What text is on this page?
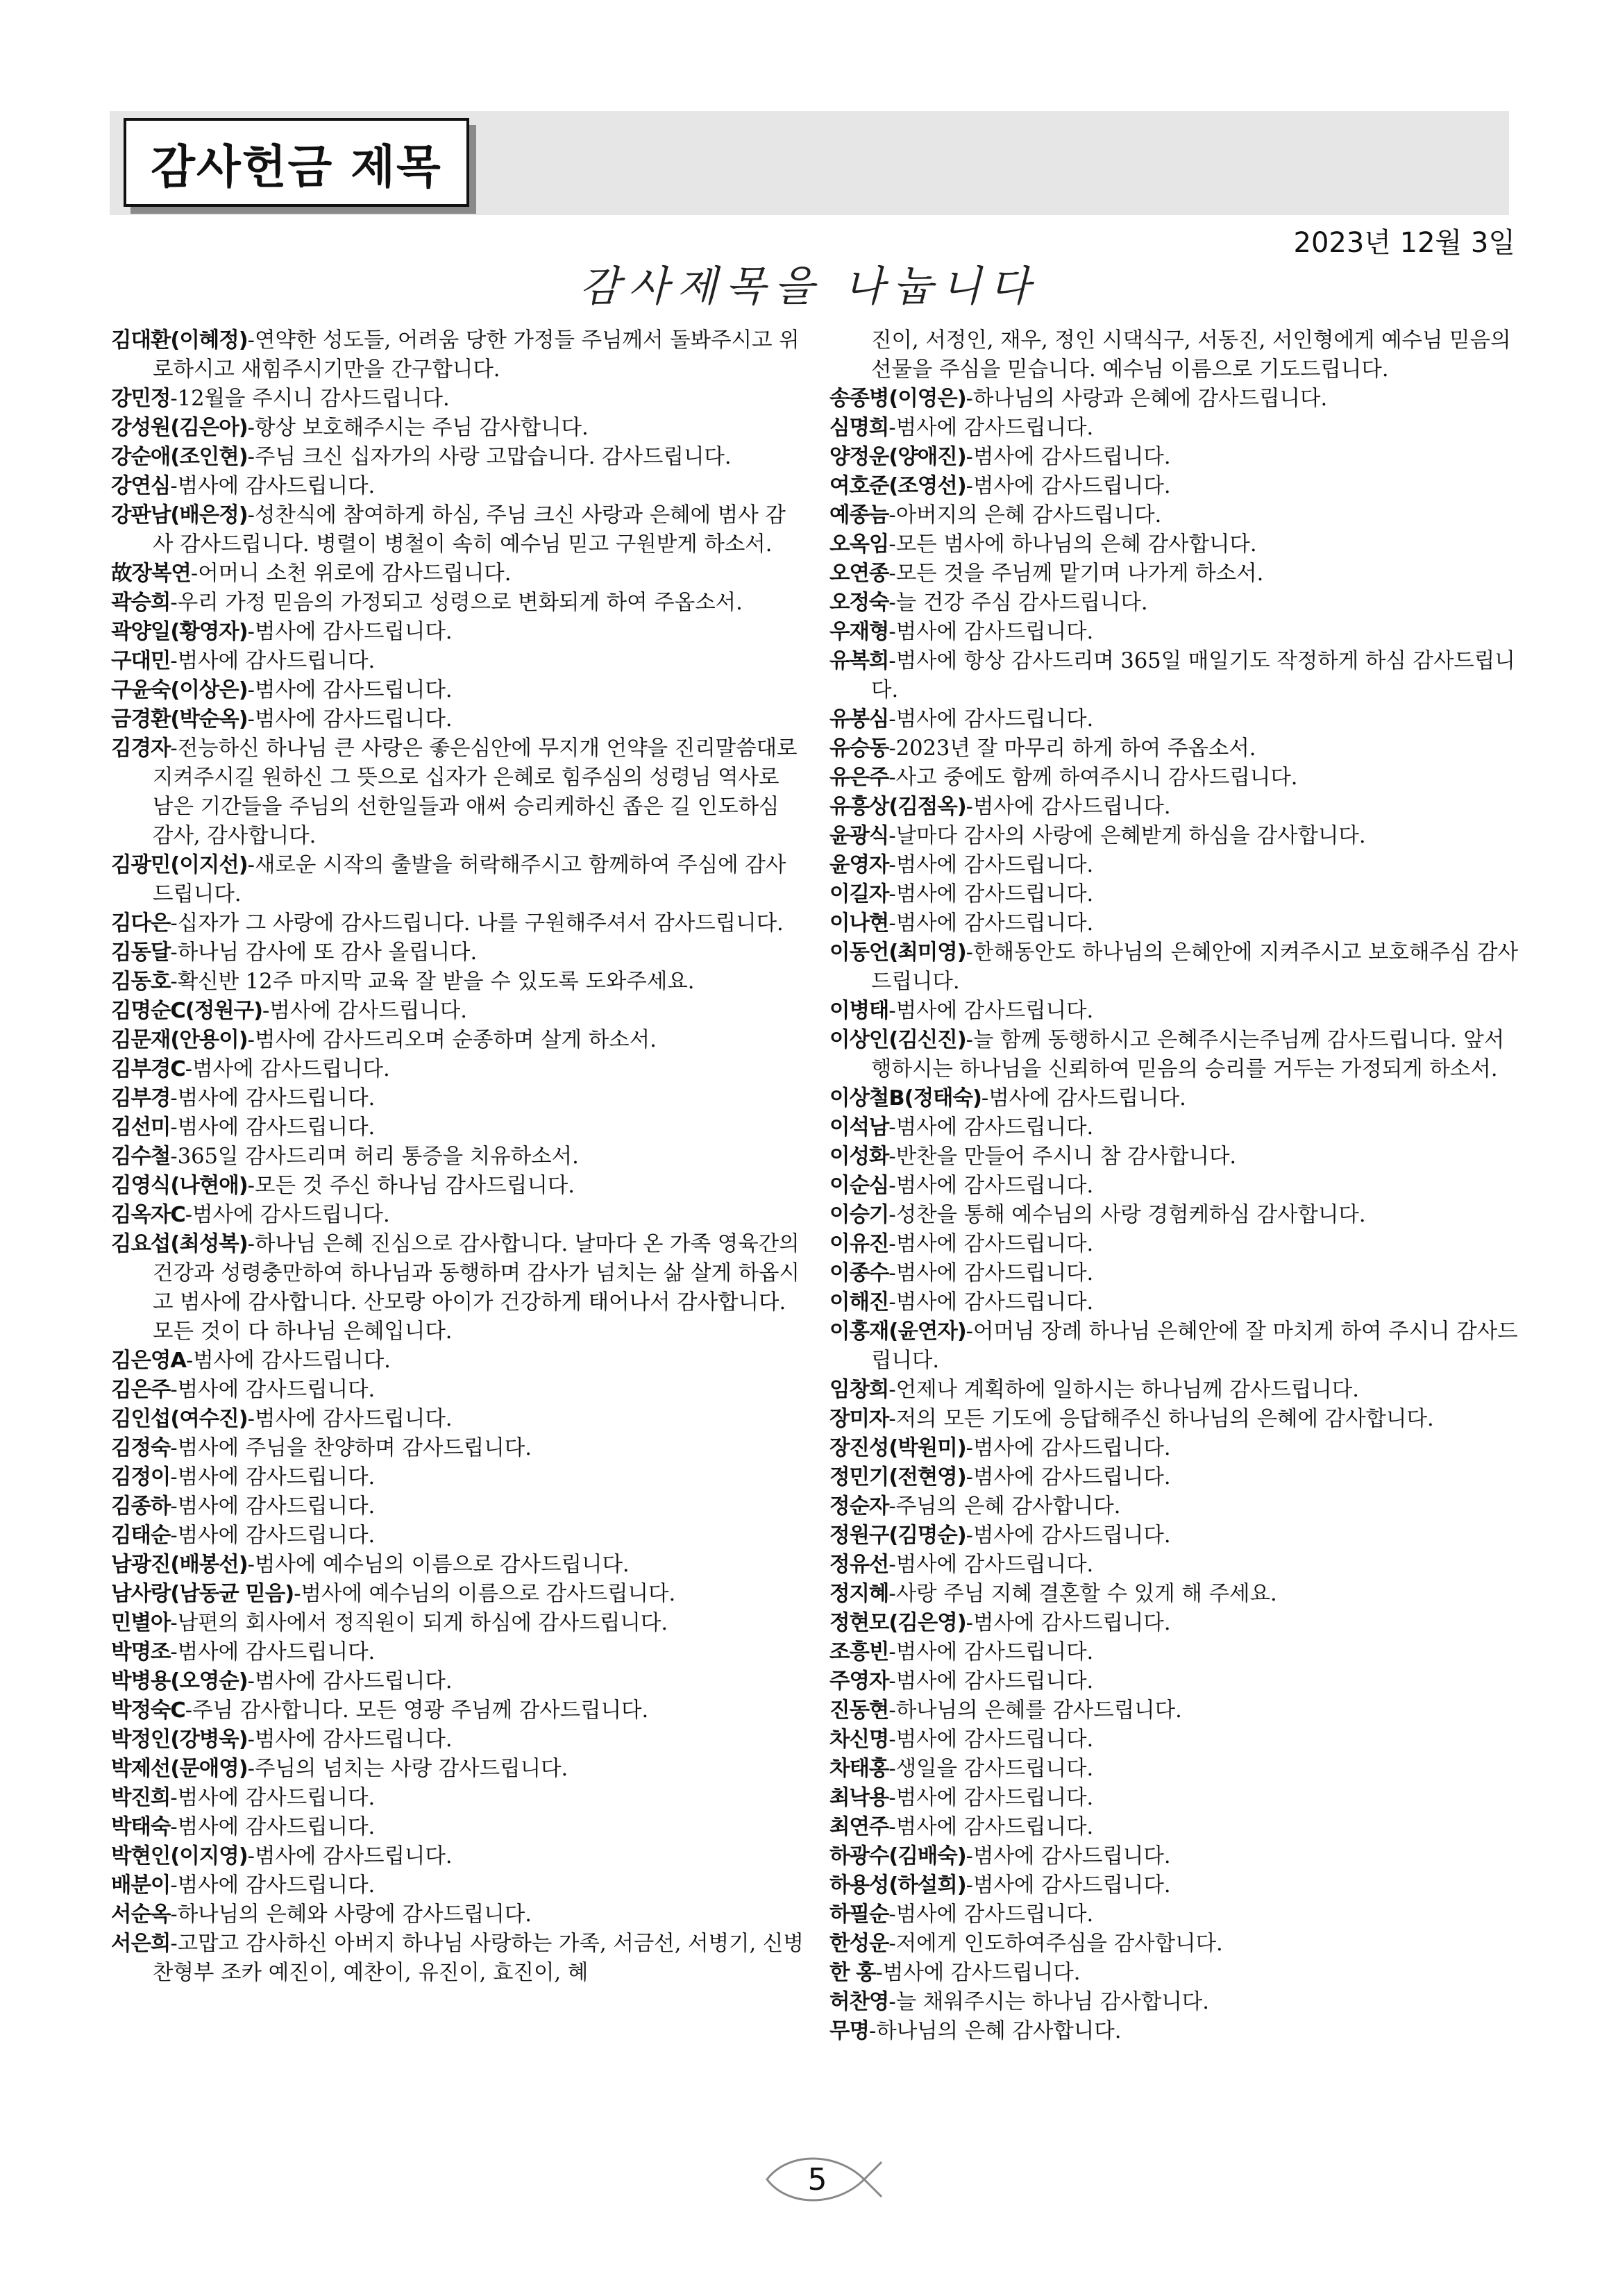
감사헌금 제목
2023년 12월 3일
감사제목을 나눕니다

김대환(이혜정)-연약한 성도들, 어려움 당한 가정들 주님께서 돌봐주시고 위로하시고 새힘주시기만을 간구합니다.

강민정-12월을 주시니 감사드립니다.

강성원(김은아)-항상 보호해주시는 주님 감사합니다.

강순애(조인현)-주님 크신 십자가의 사랑 고맙습니다. 감사드립니다.

강연심-범사에 감사드립니다.

강판남(배은정)-성찬식에 참여하게 하심, 주님 크신 사랑과 은혜에 범사 감사 감사드립니다. 병렬이 병철이 속히 예수님 믿고 구원받게 하소서.

故장복연-어머니 소천 위로에 감사드립니다.

곽승희-우리 가정 믿음의 가정되고 성령으로 변화되게 하여 주옵소서.

곽양일(황영자)-범사에 감사드립니다.

구대민-범사에 감사드립니다.

구윤숙(이상은)-범사에 감사드립니다.

금경환(박순옥)-범사에 감사드립니다.

김경자-전능하신 하나님 큰 사랑은 좋은심안에 무지개 언약을 진리말씀대로 지켜주시길 원하신 그 뜻으로 십자가 은혜로 힘주심의 성령님 역사로 남은 기간들을 주님의 선한일들과 애써 승리케하신 좁은 길 인도하심 감사, 감사합니다.

김광민(이지선)-새로운 시작의 출발을 허락해주시고 함께하여 주심에 감사드립니다.

김다은-십자가 그 사랑에 감사드립니다. 나를 구원해주셔서 감사드립니다.

김동달-하나님 감사에 또 감사 올립니다.

김동호-확신반 12주 마지막 교육 잘 받을 수 있도록 도와주세요.

김명순C(정원구)-범사에 감사드립니다.

김문재(안용이)-범사에 감사드리오며 순종하며 살게 하소서.

김부경C-범사에 감사드립니다.

김부경-범사에 감사드립니다.

김선미-범사에 감사드립니다.

김수철-365일 감사드리며 허리 통증을 치유하소서.

김영식(나현애)-모든 것 주신 하나님 감사드립니다.

김옥자C-범사에 감사드립니다.

김요섭(최성복)-하나님 은혜 진심으로 감사합니다. 날마다 온 가족 영육간의 건강과 성령충만하여 하나님과 동행하며 감사가 넘치는 삶 살게 하옵시고 범사에 감사합니다. 산모랑 아이가 건강하게 태어나서 감사합니다. 모든 것이 다 하나님 은혜입니다.

김은영A-범사에 감사드립니다.

김은주-범사에 감사드립니다.

김인섭(여수진)-범사에 감사드립니다.

김정숙-범사에 주님을 찬양하며 감사드립니다.

김정이-범사에 감사드립니다.

김종하-범사에 감사드립니다.

김태순-범사에 감사드립니다.

남광진(배봉선)-범사에 예수님의 이름으로 감사드립니다.

남사랑(남동균 믿음)-범사에 예수님의 이름으로 감사드립니다.

민별아-남편의 회사에서 정직원이 되게 하심에 감사드립니다.

박명조-범사에 감사드립니다.

박병용(오영순)-범사에 감사드립니다.

박정숙C-주님 감사합니다. 모든 영광 주님께 감사드립니다.

박정인(강병욱)-범사에 감사드립니다.

박제선(문애영)-주님의 넘치는 사랑 감사드립니다.

박진희-범사에 감사드립니다.

박태숙-범사에 감사드립니다.

박현인(이지영)-범사에 감사드립니다.

배분이-범사에 감사드립니다.

서순옥-하나님의 은혜와 사랑에 감사드립니다.

서은희-고맙고 감사하신 아버지 하나님 사랑하는 가족, 서금선, 서병기, 신병찬형부 조카 예진이, 예찬이, 유진이, 효진이, 혜

진이, 서정인, 재우, 정인 시댁식구, 서동진, 서인형에게 예수님 믿음의 선물을 주심을 믿습니다. 예수님 이름으로 기도드립니다.

송종병(이영은)-하나님의 사랑과 은혜에 감사드립니다.

심명희-범사에 감사드립니다.

양정운(양애진)-범사에 감사드립니다.

여호준(조영선)-범사에 감사드립니다.

예종늠-아버지의 은혜 감사드립니다.

오옥임-모든 범사에 하나님의 은혜 감사합니다.

오연종-모든 것을 주님께 맡기며 나가게 하소서.

오정숙-늘 건강 주심 감사드립니다.

우재형-범사에 감사드립니다.

유복희-범사에 항상 감사드리며 365일 매일기도 작정하게 하심 감사드립니다.

유봉심-범사에 감사드립니다.

유승동-2023년 잘 마무리 하게 하여 주옵소서.

유은주-사고 중에도 함께 하여주시니 감사드립니다.

유흥상(김점옥)-범사에 감사드립니다.

윤광식-날마다 감사의 사랑에 은혜받게 하심을 감사합니다.

윤영자-범사에 감사드립니다.

이길자-범사에 감사드립니다.

이나현-범사에 감사드립니다.

이동언(최미영)-한해동안도 하나님의 은혜안에 지켜주시고 보호해주심 감사드립니다.

이병태-범사에 감사드립니다.

이상인(김신진)-늘 함께 동행하시고 은혜주시는주님께 감사드립니다. 앞서 행하시는 하나님을 신뢰하여 믿음의 승리를 거두는 가정되게 하소서.

이상철B(정태숙)-범사에 감사드립니다.

이석남-범사에 감사드립니다.

이성화-반찬을 만들어 주시니 참 감사합니다.

이순심-범사에 감사드립니다.

이승기-성찬을 통해 예수님의 사랑 경험케하심 감사합니다.

이유진-범사에 감사드립니다.

이종수-범사에 감사드립니다.

이해진-범사에 감사드립니다.

이홍재(윤연자)-어머님 장례 하나님 은혜안에 잘 마치게 하여 주시니 감사드립니다.

임창희-언제나 계획하에 일하시는 하나님께 감사드립니다.

장미자-저의 모든 기도에 응답해주신 하나님의 은혜에 감사합니다.

장진성(박원미)-범사에 감사드립니다.

정민기(전현영)-범사에 감사드립니다.

정순자-주님의 은혜 감사합니다.

정원구(김명순)-범사에 감사드립니다.

정유선-범사에 감사드립니다.

정지혜-사랑 주님 지혜 결혼할 수 있게 해 주세요.

정현모(김은영)-범사에 감사드립니다.

조흥빈-범사에 감사드립니다.

주영자-범사에 감사드립니다.

진동현-하나님의 은혜를 감사드립니다.

차신명-범사에 감사드립니다.

차태홍-생일을 감사드립니다.

최낙용-범사에 감사드립니다.

최연주-범사에 감사드립니다.

하광수(김배숙)-범사에 감사드립니다.

하용성(하설희)-범사에 감사드립니다.

하필순-범사에 감사드립니다.

한성운-저에게 인도하여주심을 감사합니다.

한 홍-범사에 감사드립니다.

허찬영-늘 채워주시는 하나님 감사합니다.

무명-하나님의 은혜 감사합니다.

5
